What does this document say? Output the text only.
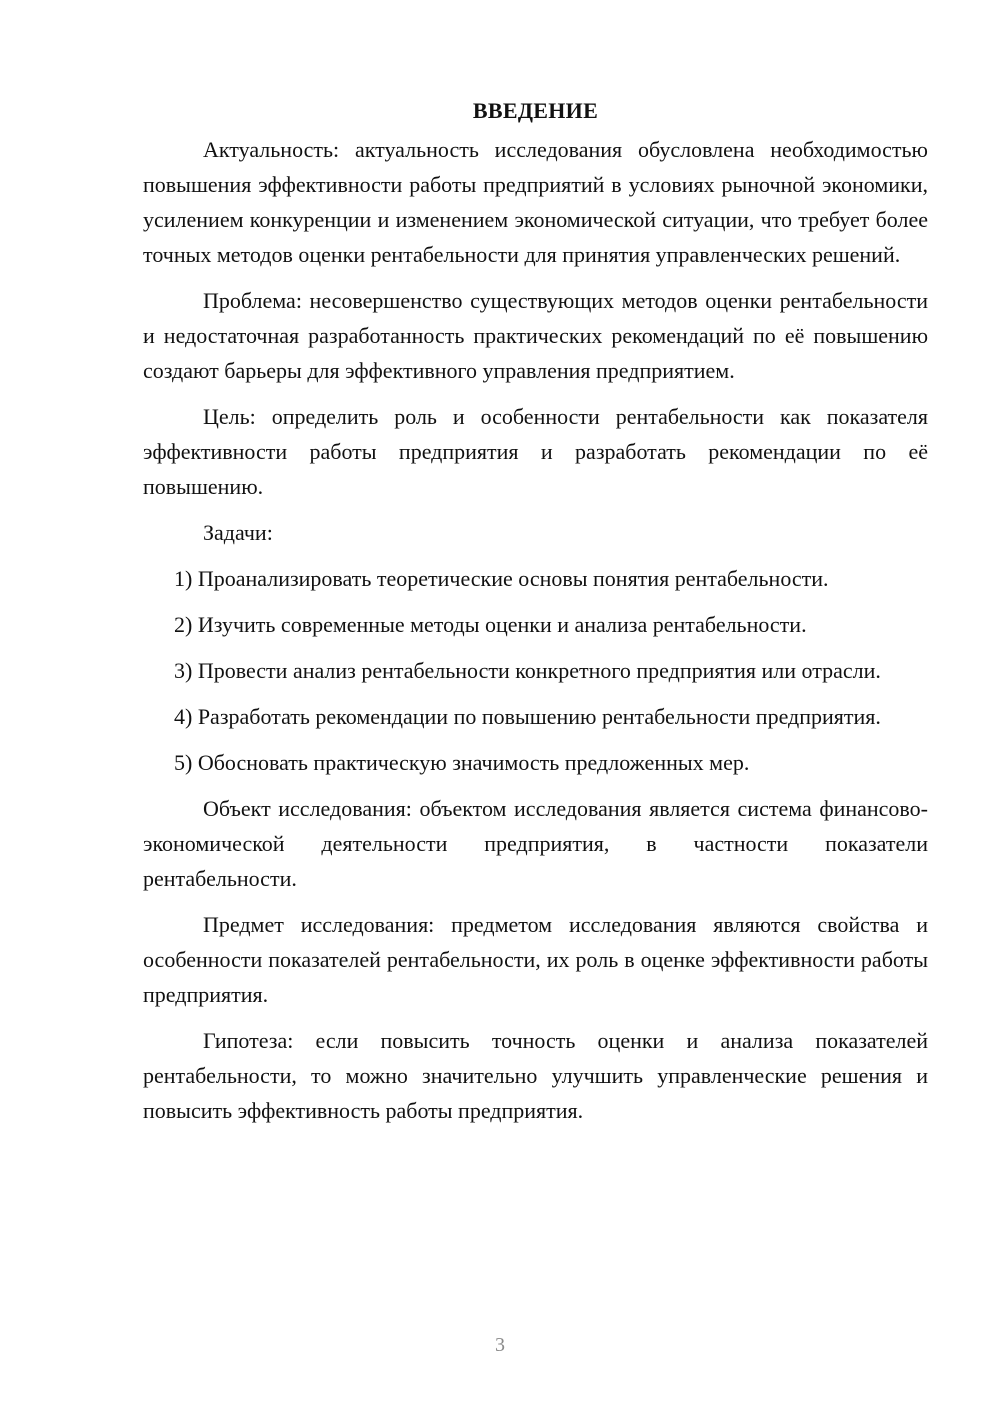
ВВЕДЕНИЕ

Актуальность: актуальность исследования обусловлена необходимостью повышения эффективности работы предприятий в условиях рыночной экономики, усилением конкуренции и изменением экономической ситуации, что требует более точных методов оценки рентабельности для принятия управленческих решений.

Проблема: несовершенство существующих методов оценки рентабельности и недостаточная разработанность практических рекомендаций по её повышению создают барьеры для эффективного управления предприятием.

Цель: определить роль и особенности рентабельности как показателя эффективности работы предприятия и разработать рекомендации по её повышению.

Задачи:

1) Проанализировать теоретические основы понятия рентабельности.

2) Изучить современные методы оценки и анализа рентабельности.

3) Провести анализ рентабельности конкретного предприятия или отрасли.

4) Разработать рекомендации по повышению рентабельности предприятия.

5) Обосновать практическую значимость предложенных мер.

Объект исследования: объектом исследования является система финансово-экономической деятельности предприятия, в частности показатели рентабельности.

Предмет исследования: предметом исследования являются свойства и особенности показателей рентабельности, их роль в оценке эффективности работы предприятия.

Гипотеза: если повысить точность оценки и анализа показателей рентабельности, то можно значительно улучшить управленческие решения и повысить эффективность работы предприятия.

3
